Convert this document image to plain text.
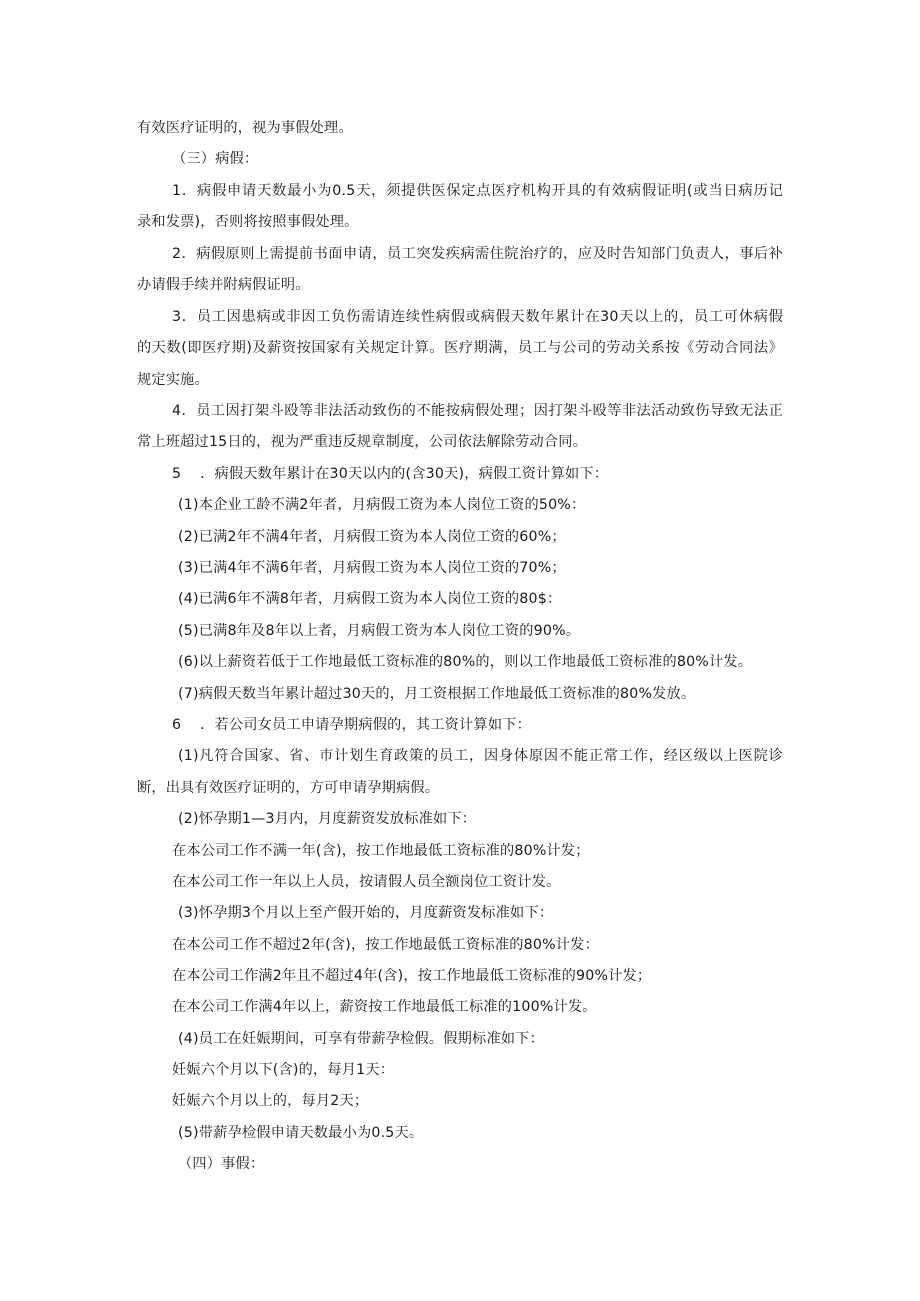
有效医疗证明的，视为事假处理。
（三）病假：
1．病假申请天数最小为0.5天，须提供医保定点医疗机构开具的有效病假证明(或当日病历记
录和发票)，否则将按照事假处理。
2．病假原则上需提前书面申请，员工突发疾病需住院治疗的，应及时告知部门负责人，事后补
办请假手续并附病假证明。
3．员工因患病或非因工负伤需请连续性病假或病假天数年累计在30天以上的，员工可休病假
的天数(即医疗期)及薪资按国家有关规定计算。医疗期满，员工与公司的劳动关系按《劳动合同法》
规定实施。
4．员工因打架斗殴等非法活动致伤的不能按病假处理；因打架斗殴等非法活动致伤导致无法正
常上班超过15日的，视为严重违反规章制度，公司依法解除劳动合同。
5    ．病假天数年累计在30天以内的(含30天)，病假工资计算如下：
(1)本企业工龄不满2年者，月病假工资为本人岗位工资的50%：
(2)已满2年不满4年者，月病假工资为本人岗位工资的60%；
(3)已满4年不满6年者，月病假工资为本人岗位工资的70%；
(4)已满6年不满8年者，月病假工资为本人岗位工资的80$：
(5)已满8年及8年以上者，月病假工资为本人岗位工资的90%。
(6)以上薪资若低于工作地最低工资标准的80%的，则以工作地最低工资标准的80%计发。
(7)病假天数当年累计超过30天的，月工资根据工作地最低工资标准的80%发放。
6    ．若公司女员工申请孕期病假的，其工资计算如下：
(1)凡符合国家、省、市计划生育政策的员工，因身体原因不能正常工作，经区级以上医院诊
断，出具有效医疗证明的，方可申请孕期病假。
(2)怀孕期1—3月内，月度薪资发放标准如下：
在本公司工作不满一年(含)，按工作地最低工资标准的80%计发；
在本公司工作一年以上人员，按请假人员全额岗位工资计发。
(3)怀孕期3个月以上至产假开始的，月度薪资发标准如下：
在本公司工作不超过2年(含)，按工作地最低工资标准的80%计发：
在本公司工作满2年且不超过4年(含)，按工作地最低工资标准的90%计发；
在本公司工作满4年以上，薪资按工作地最低工标准的100%计发。
(4)员工在妊娠期间，可享有带薪孕检假。假期标准如下：
妊娠六个月以下(含)的，每月1天：
妊娠六个月以上的，每月2天；
(5)带薪孕检假申请天数最小为0.5天。
（四）事假：
